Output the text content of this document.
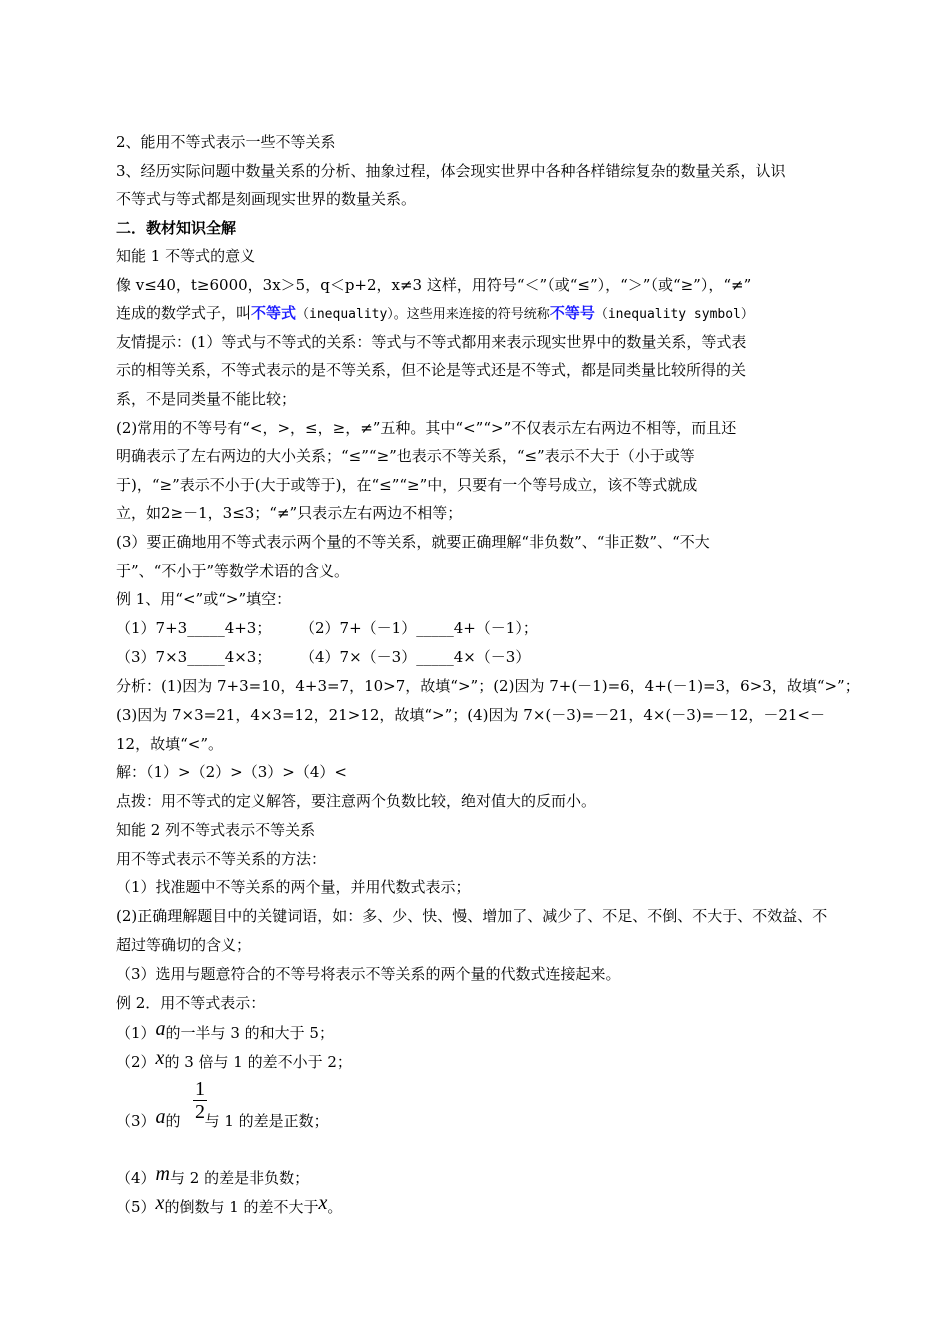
2、能用不等式表示一些不等关系
3、经历实际问题中数量关系的分析、抽象过程，体会现实世界中各种各样错综复杂的数量关系，认识
不等式与等式都是刻画现实世界的数量关系。
二．教材知识全解
知能 1 不等式的意义
像 v≤40，t≥6000，3x＞5，q＜p+2，x≠3 这样，用符号“＜”（或“≤”），“＞”（或“≥”），“≠”
连成的数学式子，叫不等式（inequality）。这些用来连接的符号统称不等号（inequality symbol）
友情提示：(1）等式与不等式的关系：等式与不等式都用来表示现实世界中的数量关系，等式表
示的相等关系，不等式表示的是不等关系，但不论是等式还是不等式，都是同类量比较所得的关
系，不是同类量不能比较；
(2)常用的不等号有“<，>，≤，≥，≠”五种。其中“<”“>”不仅表示左右两边不相等，而且还
明确表示了左右两边的大小关系；“≤”“≥”也表示不等关系，“≤”表示不大于（小于或等
于)，“≥”表示不小于(大于或等于)，在“≤”“≥”中，只要有一个等号成立，该不等式就成
立，如2≥－1，3≤3；“≠”只表示左右两边不相等；
(3）要正确地用不等式表示两个量的不等关系，就要正确理解“非负数”、“非正数”、“不大
于”、“不小于”等数学术语的含义。
例 1、用“<”或“>”填空：
（1）7+3_____4+3； （2）7+（－1）_____4+（－1）；
（3）7×3_____4×3； （4）7×（－3）_____4×（－3）
分析：(1)因为 7+3=10，4+3=7，10>7，故填“>”；(2)因为 7+(－1)=6，4+(－1)=3，6>3，故填“>”；
(3)因为 7×3=21，4×3=12，21>12，故填“>”；(4)因为 7×(－3)=－21，4×(－3)=－12，－21<－
12，故填“<”。
解：（1）>（2）>（3）>（4）<
点拨：用不等式的定义解答，要注意两个负数比较，绝对值大的反而小。
知能 2 列不等式表示不等关系
用不等式表示不等关系的方法：
（1）找准题中不等关系的两个量，并用代数式表示；
(2)正确理解题目中的关键词语，如：多、少、快、慢、增加了、减少了、不足、不倒、不大于、不效益、不
超过等确切的含义；
（3）选用与题意符合的不等号将表示不等关系的两个量的代数式连接起来。
例 2．用不等式表示：
（1）a的一半与 3 的和大于 5；
（2）x的 3 倍与 1 的差不小于 2；
（3）a的 与 1 的差是正数；
1
2
（4）m与 2 的差是非负数；
（5）x的倒数与 1 的差不大于x。
